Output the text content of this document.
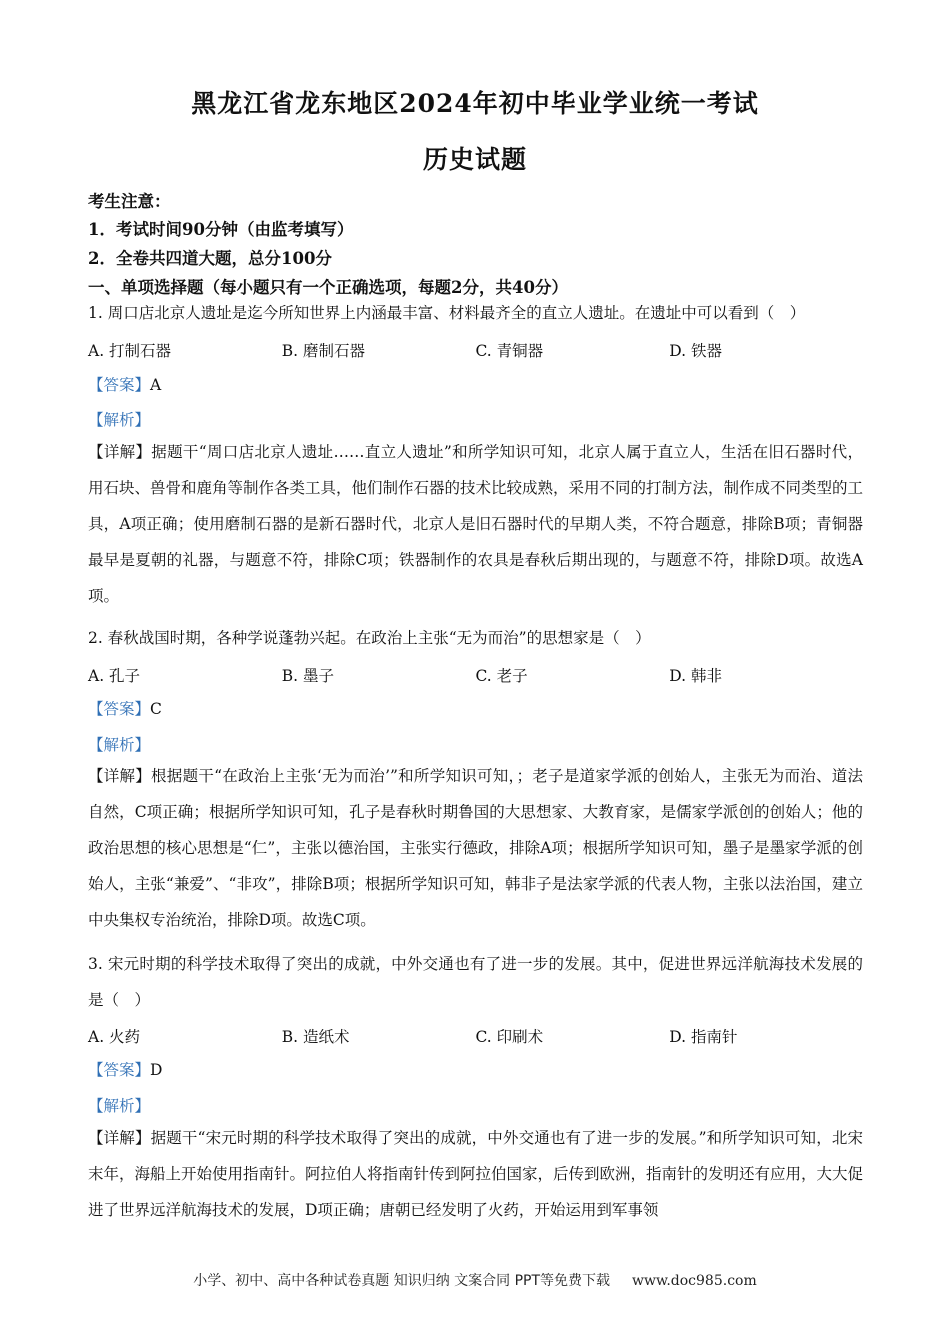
黑龙江省龙东地区2024年初中毕业学业统一考试
历史试题
考生注意：
1．考试时间90分钟（由监考填写）
2．全卷共四道大题，总分100分
一、单项选择题（每小题只有一个正确选项，每题2分，共40分）
1. 周口店北京人遗址是迄今所知世界上内涵最丰富、材料最齐全的直立人遗址。在遗址中可以看到（　）
A. 打制石器	B. 磨制石器	C. 青铜器	D. 铁器
【答案】A
【解析】
【详解】据题干“周口店北京人遗址……直立人遗址”和所学知识可知，北京人属于直立人，生活在旧石器时代，用石块、兽骨和鹿角等制作各类工具，他们制作石器的技术比较成熟，采用不同的打制方法，制作成不同类型的工具，A项正确；使用磨制石器的是新石器时代，北京人是旧石器时代的早期人类，不符合题意，排除B项；青铜器最早是夏朝的礼器，与题意不符，排除C项；铁器制作的农具是春秋后期出现的，与题意不符，排除D项。故选A项。
2. 春秋战国时期，各种学说蓬勃兴起。在政治上主张“无为而治”的思想家是（　）
A. 孔子	B. 墨子	C. 老子	D. 韩非
【答案】C
【解析】
【详解】根据题干“在政治上主张‘无为而治’”和所学知识可知，；老子是道家学派的创始人，主张无为而治、道法自然，C项正确；根据所学知识可知，孔子是春秋时期鲁国的大思想家、大教育家，是儒家学派创的创始人；他的政治思想的核心思想是“仁”，主张以德治国，主张实行德政，排除A项；根据所学知识可知，墨子是墨家学派的创始人，主张“兼爱”、“非攻”，排除B项；根据所学知识可知，韩非子是法家学派的代表人物，主张以法治国，建立中央集权专治统治，排除D项。故选C项。
3. 宋元时期的科学技术取得了突出的成就，中外交通也有了进一步的发展。其中，促进世界远洋航海技术发展的是（　）
A. 火药	B. 造纸术	C. 印刷术	D. 指南针
【答案】D
【解析】
【详解】据题干“宋元时期的科学技术取得了突出的成就，中外交通也有了进一步的发展。”和所学知识可知，北宋末年，海船上开始使用指南针。阿拉伯人将指南针传到阿拉伯国家，后传到欧洲，指南针的发明还有应用，大大促进了世界远洋航海技术的发展，D项正确；唐朝已经发明了火药，开始运用到军事领
小学、初中、高中各种试卷真题 知识归纳 文案合同 PPT等免费下载 www.doc985.com
